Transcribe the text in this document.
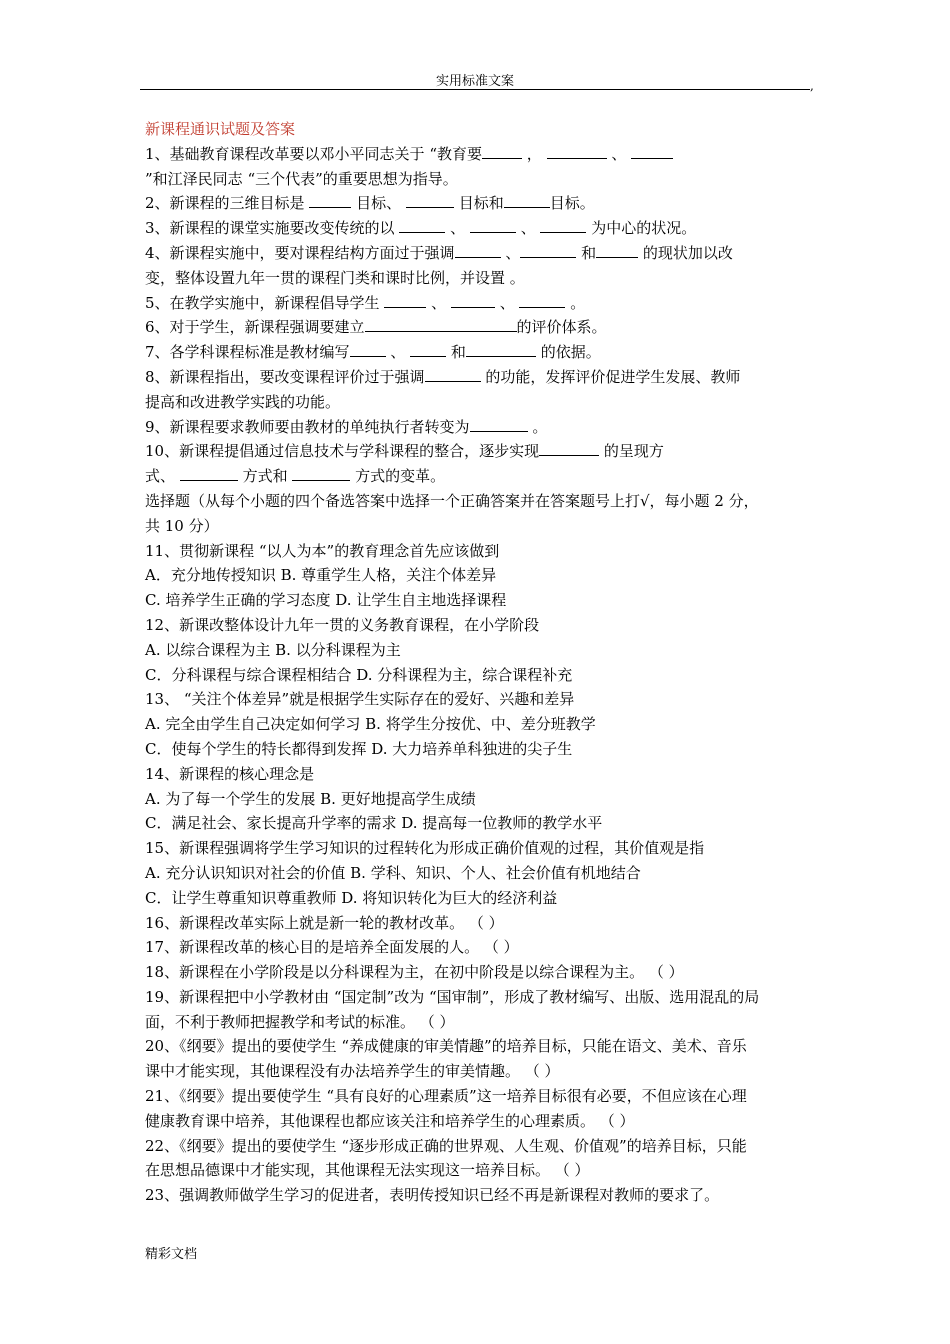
实用标准文案	,
新课程通识试题及答案
1、基础教育课程改革要以邓小平同志关于 “教育要	，	、
”和江泽民同志 “三个代表”的重要思想为指导。
2、新课程的三维目标是	目标、	目标和	目标。
3、新课程的课堂实施要改变传统的以	、	、	为中心的状况。
4、新课程实施中，要对课程结构方面过于强调	、	和	的现状加以改
变，整体设置九年一贯的课程门类和课时比例，并设置 。
5、在教学实施中，新课程倡导学生	、	、	。
6、对于学生，新课程强调要建立	的评价体系。
7、各学科课程标准是教材编写	、	和	的依据。
8、新课程指出，要改变课程评价过于强调	的功能，发挥评价促进学生发展、教师
提高和改进教学实践的功能。
9、新课程要求教师要由教材的单纯执行者转变为	。
10、新课程提倡通过信息技术与学科课程的整合，逐步实现	的呈现方
式、	方式和	方式的变革。
选择题（从每个小题的四个备选答案中选择一个正确答案并在答案题号上打√，每小题 2 分，
共 10 分）
11、贯彻新课程 “以人为本”的教育理念首先应该做到
A．充分地传授知识 B. 尊重学生人格，关注个体差异
C. 培养学生正确的学习态度 D. 让学生自主地选择课程
12、新课改整体设计九年一贯的义务教育课程，在小学阶段
A. 以综合课程为主 B. 以分科课程为主
C．分科课程与综合课程相结合 D. 分科课程为主，综合课程补充
13、 “关注个体差异”就是根据学生实际存在的爱好、兴趣和差异
A. 完全由学生自己决定如何学习 B. 将学生分按优、中、差分班教学
C．使每个学生的特长都得到发挥 D. 大力培养单科独进的尖子生
14、新课程的核心理念是
A. 为了每一个学生的发展 B. 更好地提高学生成绩
C．满足社会、家长提高升学率的需求 D. 提高每一位教师的教学水平
15、新课程强调将学生学习知识的过程转化为形成正确价值观的过程，其价值观是指
A. 充分认识知识对社会的价值 B. 学科、知识、个人、社会价值有机地结合
C．让学生尊重知识尊重教师 D. 将知识转化为巨大的经济利益
16、新课程改革实际上就是新一轮的教材改革。 （ ）
17、新课程改革的核心目的是培养全面发展的人。 （ ）
18、新课程在小学阶段是以分科课程为主，在初中阶段是以综合课程为主。 （ ）
19、新课程把中小学教材由 “国定制”改为 “国审制”，形成了教材编写、出版、选用混乱的局
面，不利于教师把握教学和考试的标准。 （ ）
20、《纲要》提出的要使学生 “养成健康的审美情趣”的培养目标，只能在语文、美术、音乐
课中才能实现，其他课程没有办法培养学生的审美情趣。 （ ）
21、《纲要》提出要使学生 “具有良好的心理素质”这一培养目标很有必要，不但应该在心理
健康教育课中培养，其他课程也都应该关注和培养学生的心理素质。 （ ）
22、《纲要》提出的要使学生 “逐步形成正确的世界观、人生观、价值观”的培养目标，只能
在思想品德课中才能实现，其他课程无法实现这一培养目标。 （ ）
23、强调教师做学生学习的促进者，表明传授知识已经不再是新课程对教师的要求了。
精彩文档
